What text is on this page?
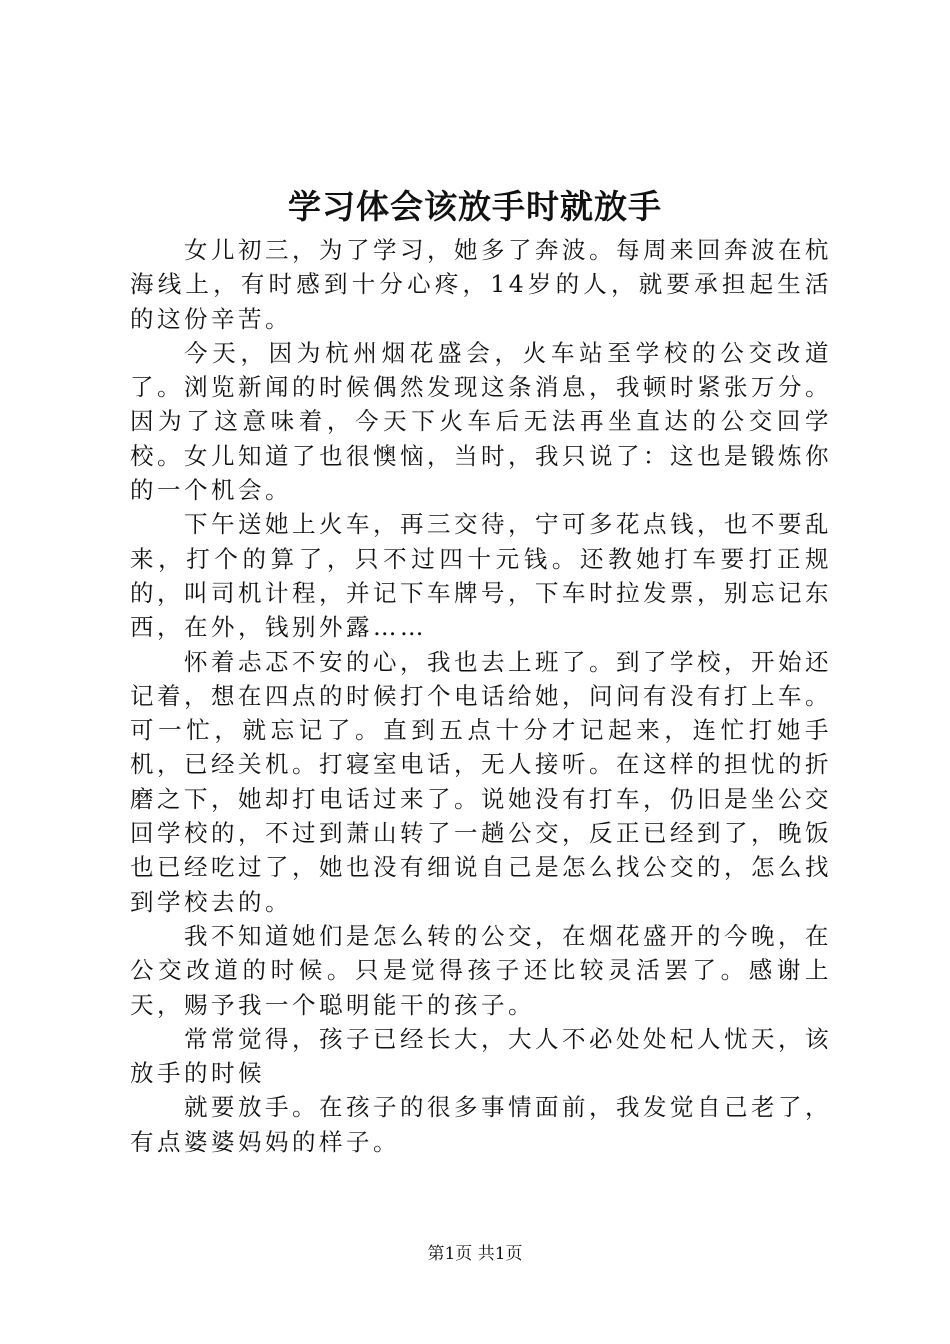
学习体会该放手时就放手

女儿初三，为了学习，她多了奔波。每周来回奔波在杭海线上，有时感到十分心疼，14岁的人，就要承担起生活的这份辛苦。

今天，因为杭州烟花盛会，火车站至学校的公交改道了。浏览新闻的时候偶然发现这条消息，我顿时紧张万分。因为了这意味着，今天下火车后无法再坐直达的公交回学校。女儿知道了也很懊恼，当时，我只说了：这也是锻炼你的一个机会。

下午送她上火车，再三交待，宁可多花点钱，也不要乱来，打个的算了，只不过四十元钱。还教她打车要打正规的，叫司机计程，并记下车牌号，下车时拉发票，别忘记东西，在外，钱别外露……

怀着忐忑不安的心，我也去上班了。到了学校，开始还记着，想在四点的时候打个电话给她，问问有没有打上车。可一忙，就忘记了。直到五点十分才记起来，连忙打她手机，已经关机。打寝室电话，无人接听。在这样的担忧的折磨之下，她却打电话过来了。说她没有打车，仍旧是坐公交回学校的，不过到萧山转了一趟公交，反正已经到了，晚饭也已经吃过了，她也没有细说自己是怎么找公交的，怎么找到学校去的。

我不知道她们是怎么转的公交，在烟花盛开的今晚，在公交改道的时候。只是觉得孩子还比较灵活罢了。感谢上天，赐予我一个聪明能干的孩子。

常常觉得，孩子已经长大，大人不必处处杞人忧天，该放手的时候

就要放手。在孩子的很多事情面前，我发觉自己老了，有点婆婆妈妈的样子。

第1页 共1页
